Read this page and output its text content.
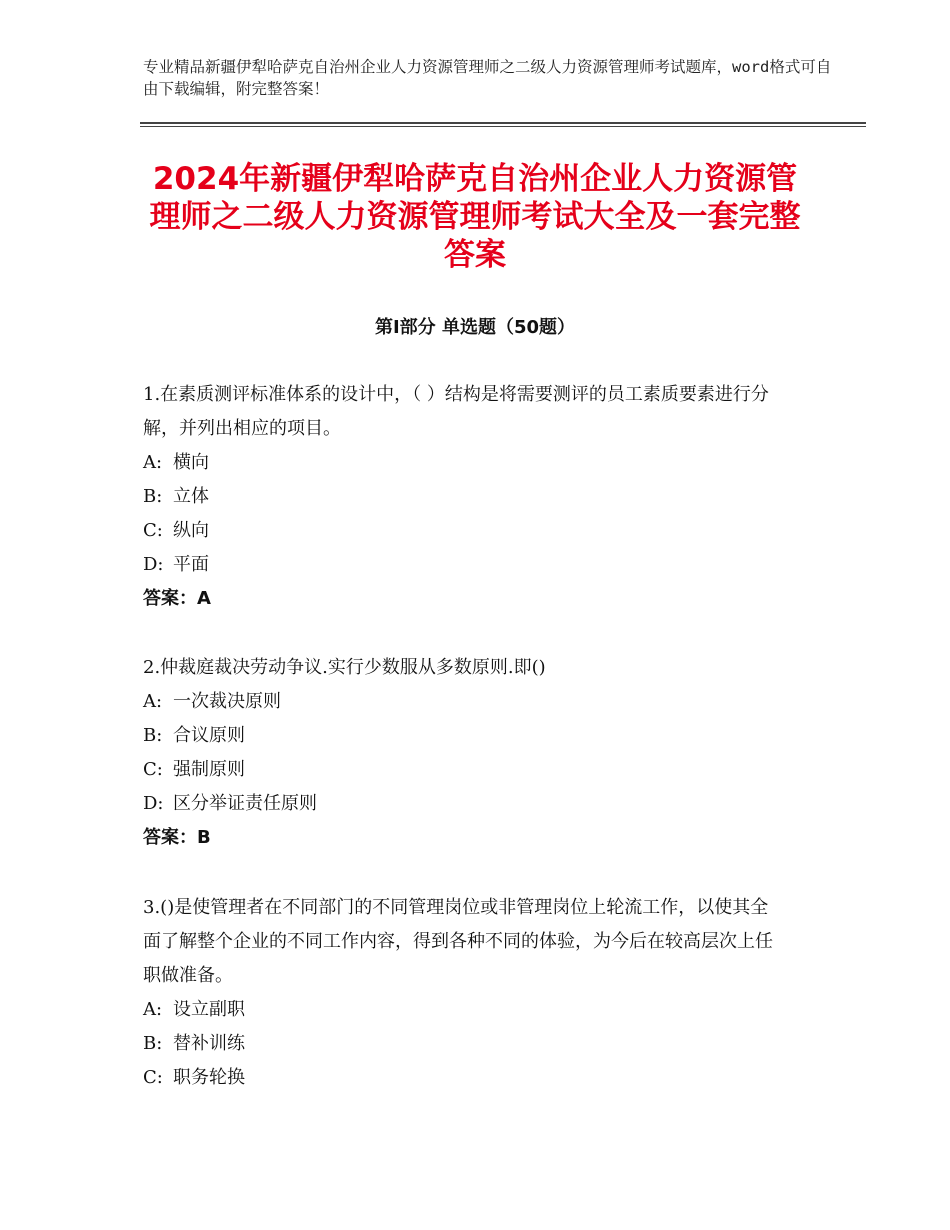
专业精品新疆伊犁哈萨克自治州企业人力资源管理师之二级人力资源管理师考试题库，word格式可自由下载编辑，附完整答案！
2024年新疆伊犁哈萨克自治州企业人力资源管理师之二级人力资源管理师考试大全及一套完整答案
第Ⅰ部分 单选题（50题）

1.在素质测评标准体系的设计中，（ ）结构是将需要测评的员工素质要素进行分解，并列出相应的项目。

A: 横向

B: 立体

C: 纵向

D: 平面

答案：A

2.仲裁庭裁决劳动争议.实行少数服从多数原则.即()

A: 一次裁决原则

B: 合议原则

C: 强制原则

D: 区分举证责任原则

答案：B

3.()是使管理者在不同部门的不同管理岗位或非管理岗位上轮流工作，以使其全面了解整个企业的不同工作内容，得到各种不同的体验，为今后在较高层次上任职做准备。

A: 设立副职

B: 替补训练

C: 职务轮换
